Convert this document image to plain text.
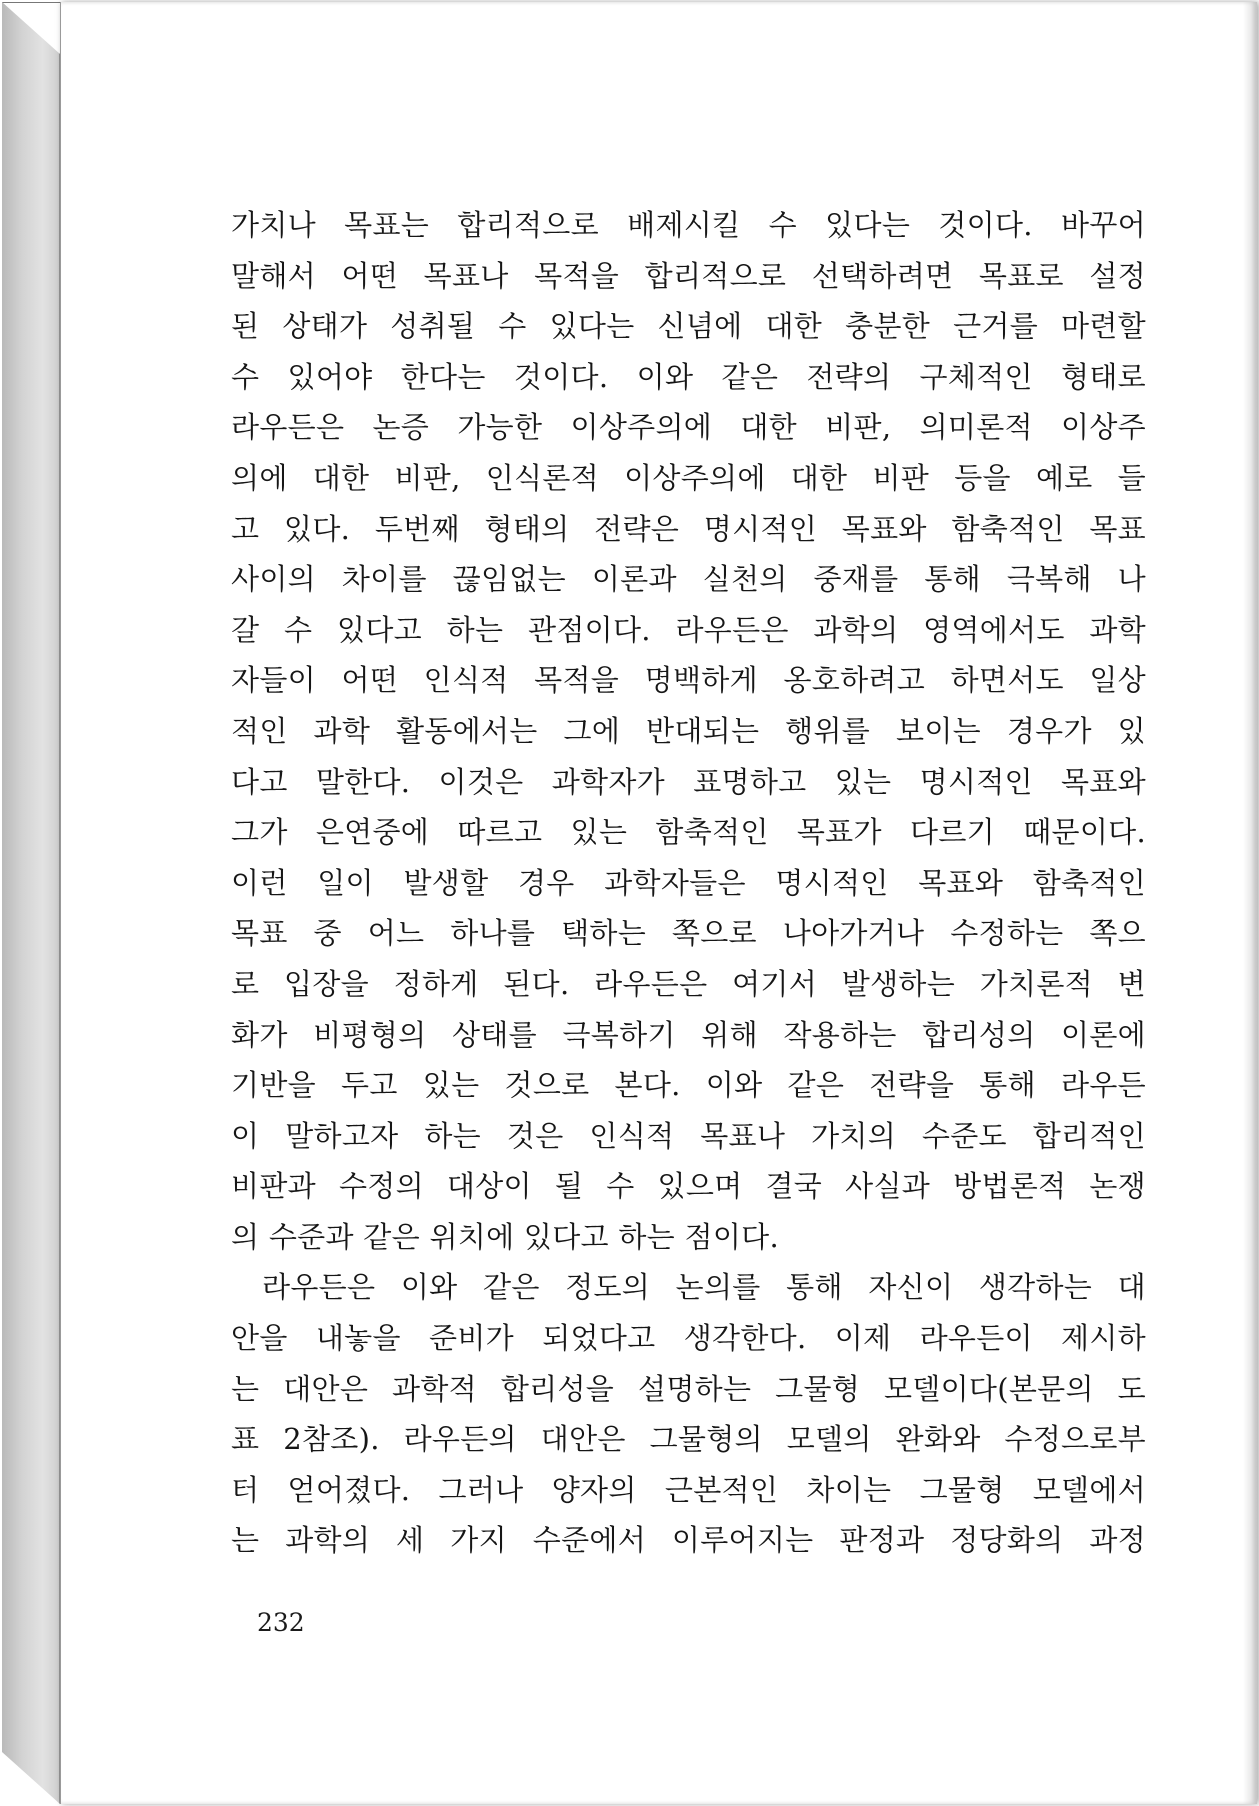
가치나 목표는 합리적으로 배제시킬 수 있다는 것이다. 바꾸어
말해서 어떤 목표나 목적을 합리적으로 선택하려면 목표로 설정
된 상태가 성취될 수 있다는 신념에 대한 충분한 근거를 마련할
수 있어야 한다는 것이다. 이와 같은 전략의 구체적인 형태로
라우든은 논증 가능한 이상주의에 대한 비판, 의미론적 이상주
의에 대한 비판, 인식론적 이상주의에 대한 비판 등을 예로 들
고 있다. 두번째 형태의 전략은 명시적인 목표와 함축적인 목표
사이의 차이를 끊임없는 이론과 실천의 중재를 통해 극복해 나
갈 수 있다고 하는 관점이다. 라우든은 과학의 영역에서도 과학
자들이 어떤 인식적 목적을 명백하게 옹호하려고 하면서도 일상
적인 과학 활동에서는 그에 반대되는 행위를 보이는 경우가 있
다고 말한다. 이것은 과학자가 표명하고 있는 명시적인 목표와
그가 은연중에 따르고 있는 함축적인 목표가 다르기 때문이다.
이런 일이 발생할 경우 과학자들은 명시적인 목표와 함축적인
목표 중 어느 하나를 택하는 쪽으로 나아가거나 수정하는 쪽으
로 입장을 정하게 된다. 라우든은 여기서 발생하는 가치론적 변
화가 비평형의 상태를 극복하기 위해 작용하는 합리성의 이론에
기반을 두고 있는 것으로 본다. 이와 같은 전략을 통해 라우든
이 말하고자 하는 것은 인식적 목표나 가치의 수준도 합리적인
비판과 수정의 대상이 될 수 있으며 결국 사실과 방법론적 논쟁
의 수준과 같은 위치에 있다고 하는 점이다.
라우든은 이와 같은 정도의 논의를 통해 자신이 생각하는 대
안을 내놓을 준비가 되었다고 생각한다. 이제 라우든이 제시하
는 대안은 과학적 합리성을 설명하는 그물형 모델이다(본문의 도
표 2참조). 라우든의 대안은 그물형의 모델의 완화와 수정으로부
터 얻어졌다. 그러나 양자의 근본적인 차이는 그물형 모델에서
는 과학의 세 가지 수준에서 이루어지는 판정과 정당화의 과정
232
